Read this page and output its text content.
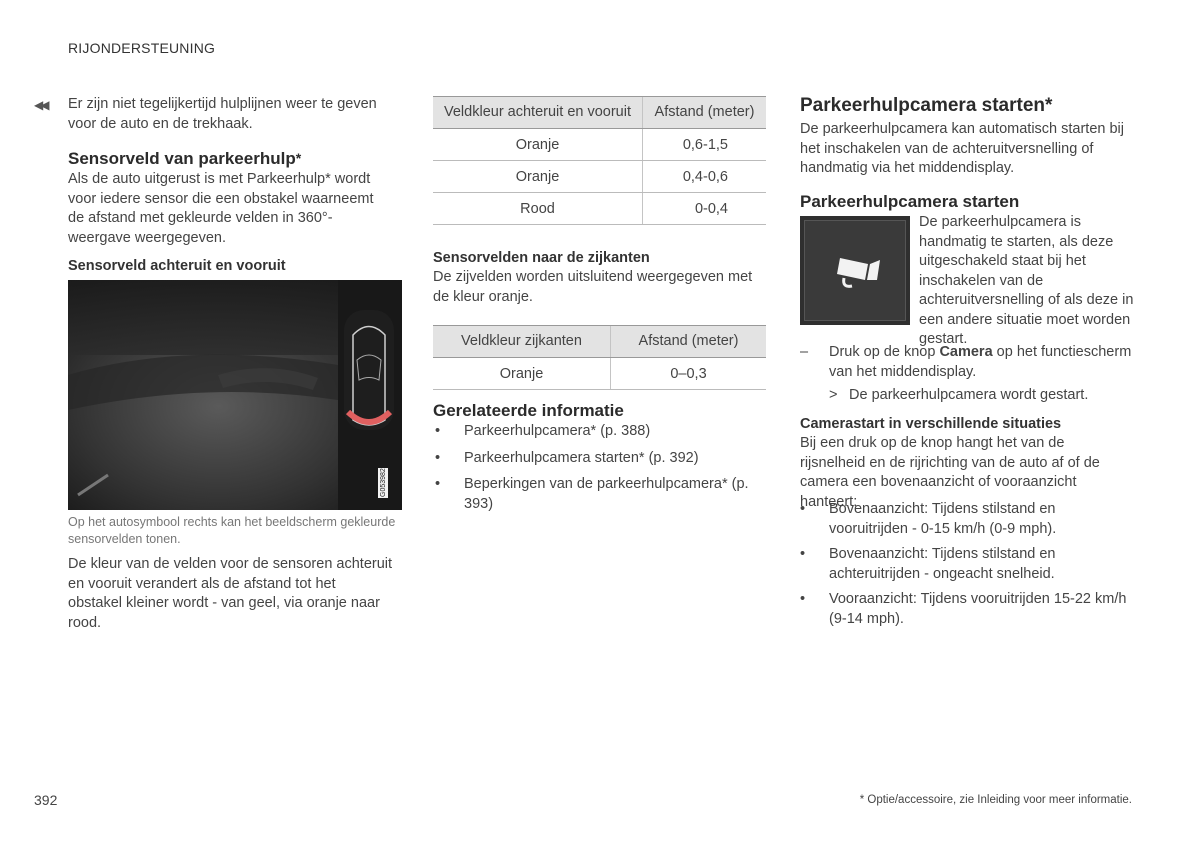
RIJONDERSTEUNING
◀◀ Er zijn niet tegelijkertijd hulplijnen weer te geven voor de auto en de trekhaak.

Sensorveld van parkeerhulp*

Als de auto uitgerust is met Parkeerhulp* wordt voor iedere sensor die een obstakel waarneemt de afstand met gekleurde velden in 360°-weergave weergegeven.

Sensorveld achteruit en vooruit
G053982

Op het autosymbool rechts kan het beeldscherm gekleurde sensorvelden tonen.

De kleur van de velden voor de sensoren achteruit en vooruit verandert als de afstand tot het obstakel kleiner wordt - van geel, via oranje naar rood.

Veldkleur achteruit en vooruit	Afstand (meter)
Oranje	0,6-1,5
Oranje	0,4-0,6
Rood	0-0,4
Sensorvelden naar de zijkanten

De zijvelden worden uitsluitend weergegeven met de kleur oranje.

Veldkleur zijkanten	Afstand (meter)
Oranje	0–0,3
Gerelateerde informatie
• Parkeerhulpcamera* (p. 388)
• Parkeerhulpcamera starten* (p. 392)
• Beperkingen van de parkeerhulpcamera* (p. 393)
Parkeerhulpcamera starten*

De parkeerhulpcamera kan automatisch starten bij het inschakelen van de achteruitversnelling of handmatig via het middendisplay.

Parkeerhulpcamera starten

De parkeerhulpcamera is handmatig te starten, als deze uitgeschakeld staat bij het inschakelen van de achteruitversnelling of als deze in een andere situatie moet worden gestart.

– Druk op de knop Camera op het functiescherm van het middendisplay.

> De parkeerhulpcamera wordt gestart.

Camerastart in verschillende situaties

Bij een druk op de knop hangt het van de rijsnelheid en de rijrichting van de auto af of de camera een bovenaanzicht of vooraanzicht hanteert:

• Bovenaanzicht: Tijdens stilstand en vooruitrijden - 0-15 km/h (0-9 mph).
• Bovenaanzicht: Tijdens stilstand en achteruitrijden - ongeacht snelheid.
• Vooraanzicht: Tijdens vooruitrijden 15-22 km/h (9-14 mph).
392	* Optie/accessoire, zie Inleiding voor meer informatie.
